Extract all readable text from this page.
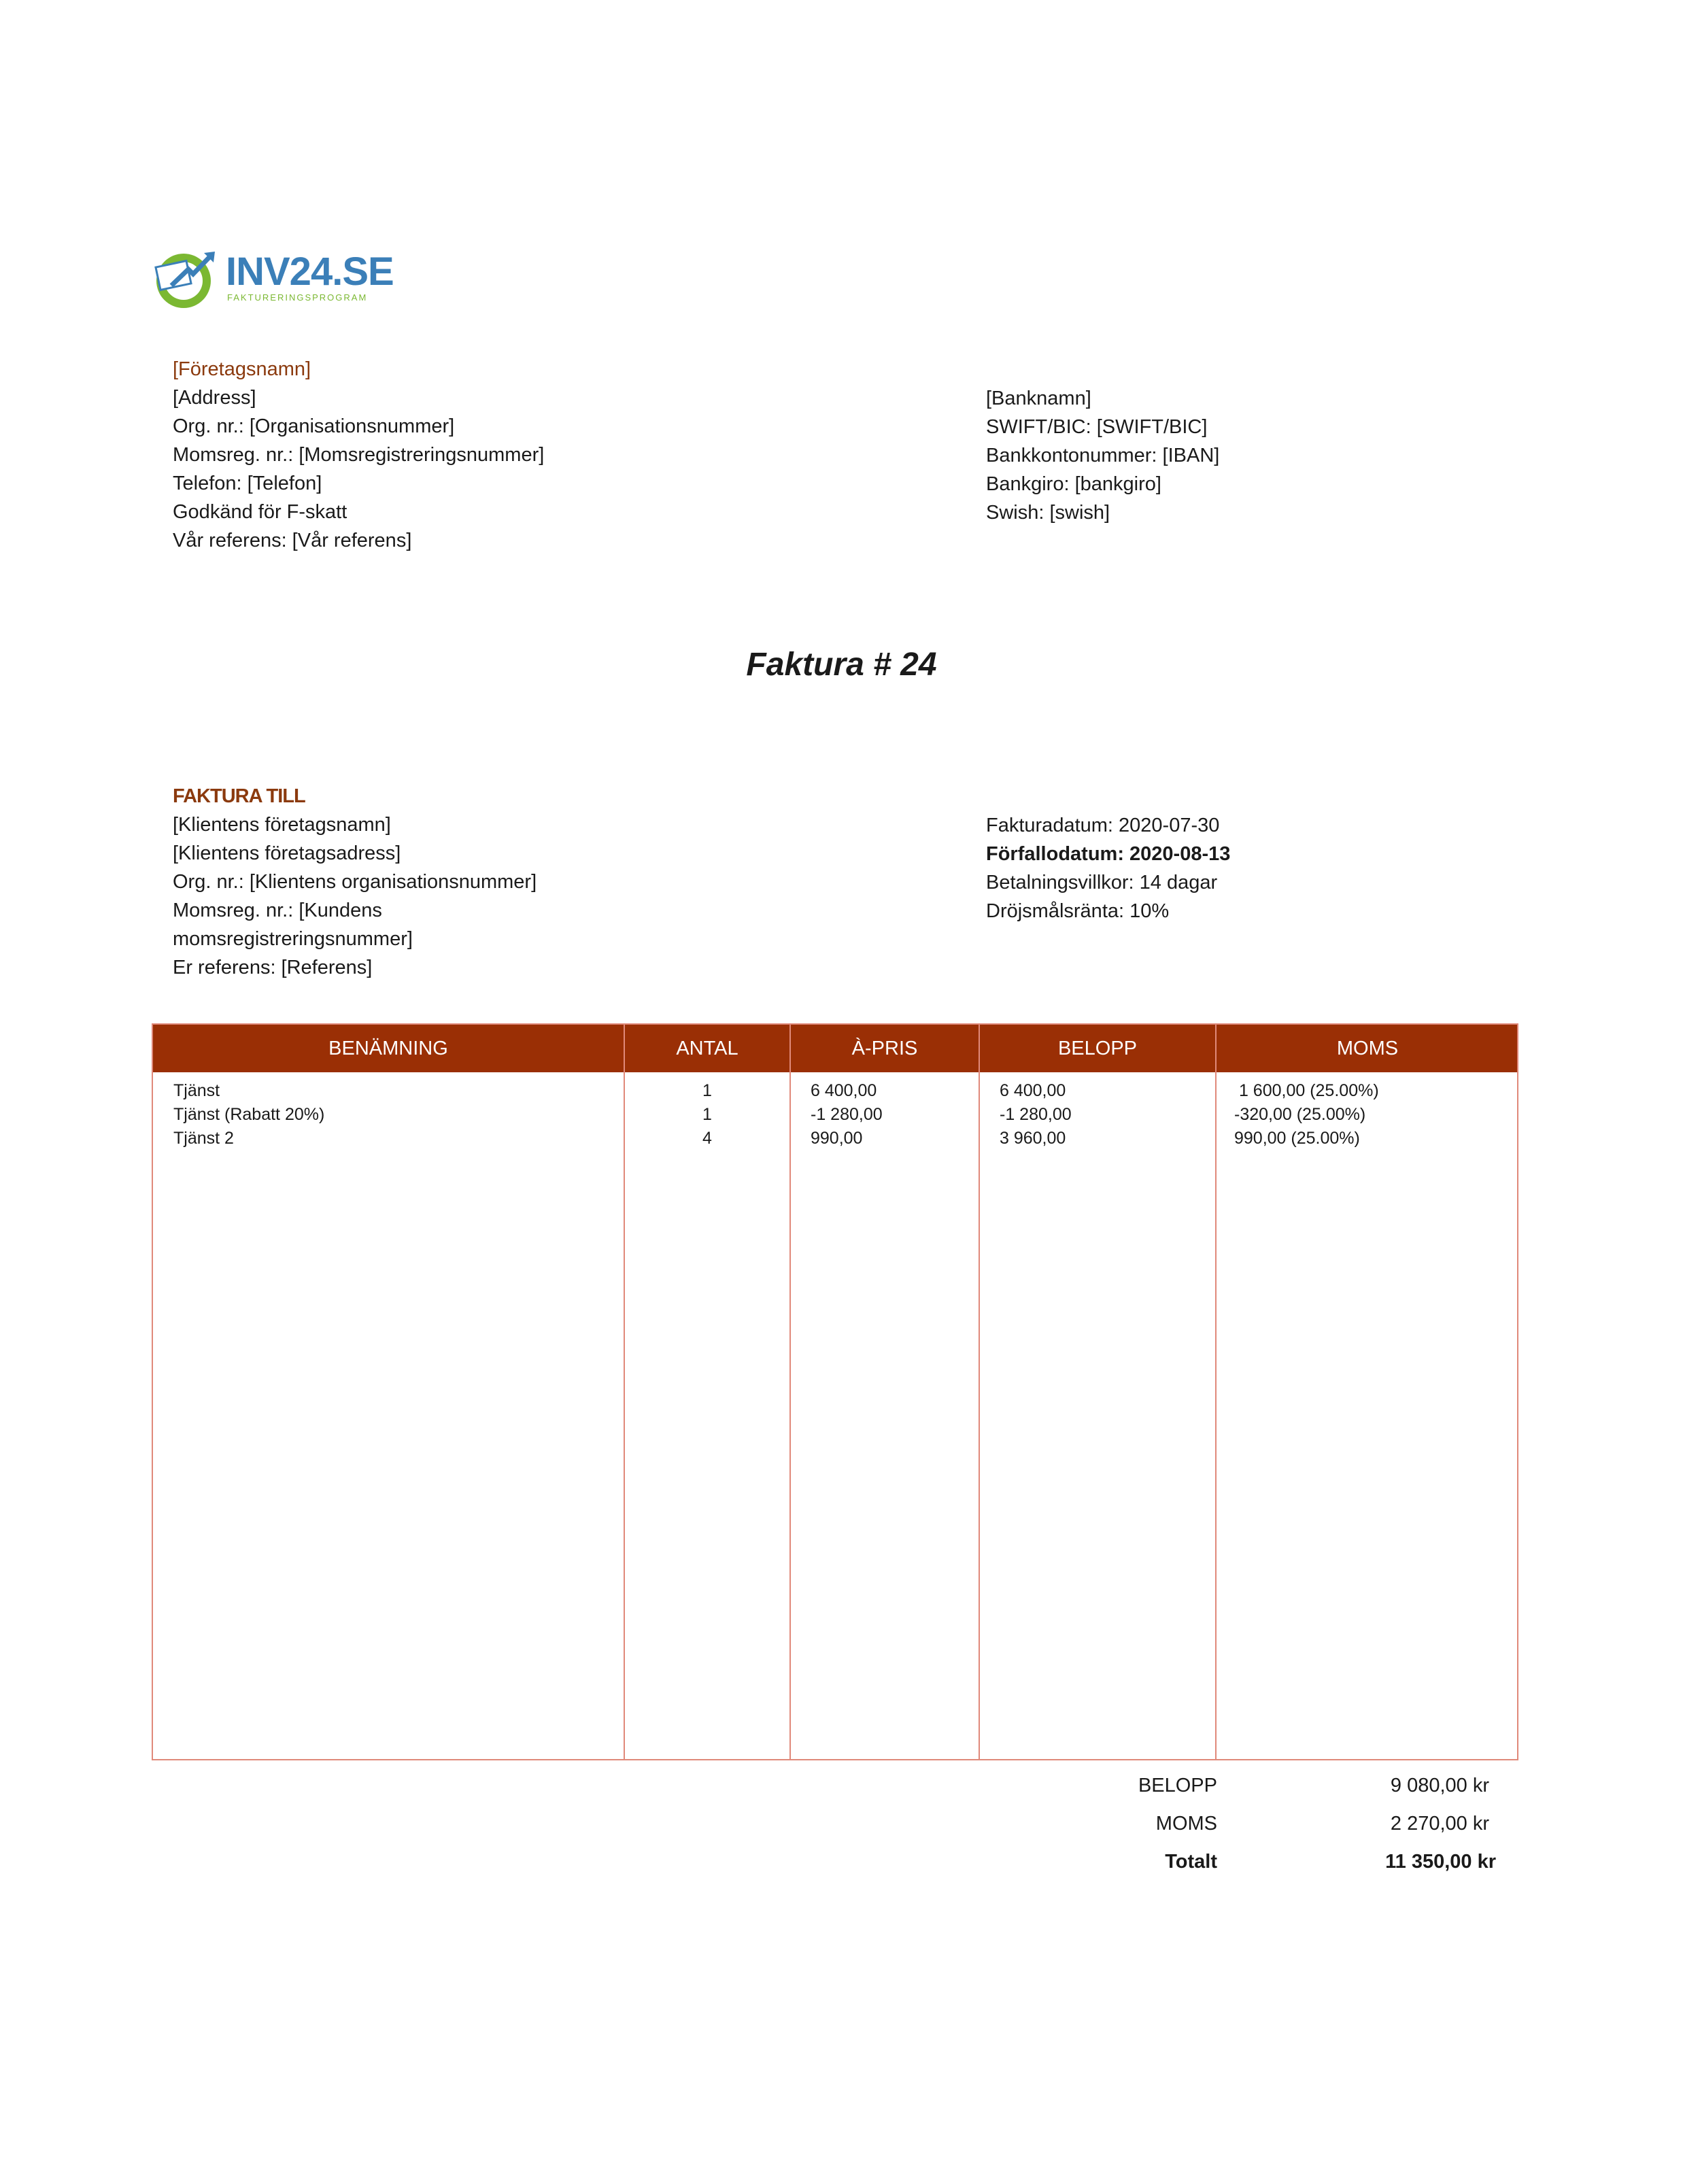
INV24.SE
FAKTURERINGSPROGRAM
[Företagsnamn]
[Address]
Org. nr.: [Organisationsnummer]
Momsreg. nr.: [Momsregistreringsnummer]
Telefon: [Telefon]
Godkänd för F-skatt
Vår referens: [Vår referens]
[Banknamn]
SWIFT/BIC: [SWIFT/BIC]
Bankkontonummer: [IBAN]
Bankgiro: [bankgiro]
Swish: [swish]
Faktura # 24
FAKTURA TILL
[Klientens företagsnamn]
[Klientens företagsadress]
Org. nr.: [Klientens organisationsnummer]
Momsreg. nr.: [Kundens
momsregistreringsnummer]
Er referens: [Referens]
Fakturadatum: 2020-07-30
Förfallodatum: 2020-08-13
Betalningsvillkor: 14 dagar
Dröjsmålsränta: 10%
BENÄMNING	ANTAL	À-PRIS	BELOPP	MOMS
Tjänst	1	6 400,00	6 400,00	1 600,00 (25.00%)
Tjänst (Rabatt 20%)	1	-1 280,00	-1 280,00	-320,00 (25.00%)
Tjänst 2	4	990,00	3 960,00	990,00 (25.00%)
BELOPP	9 080,00 kr
MOMS	2 270,00 kr
Totalt	11 350,00 kr
